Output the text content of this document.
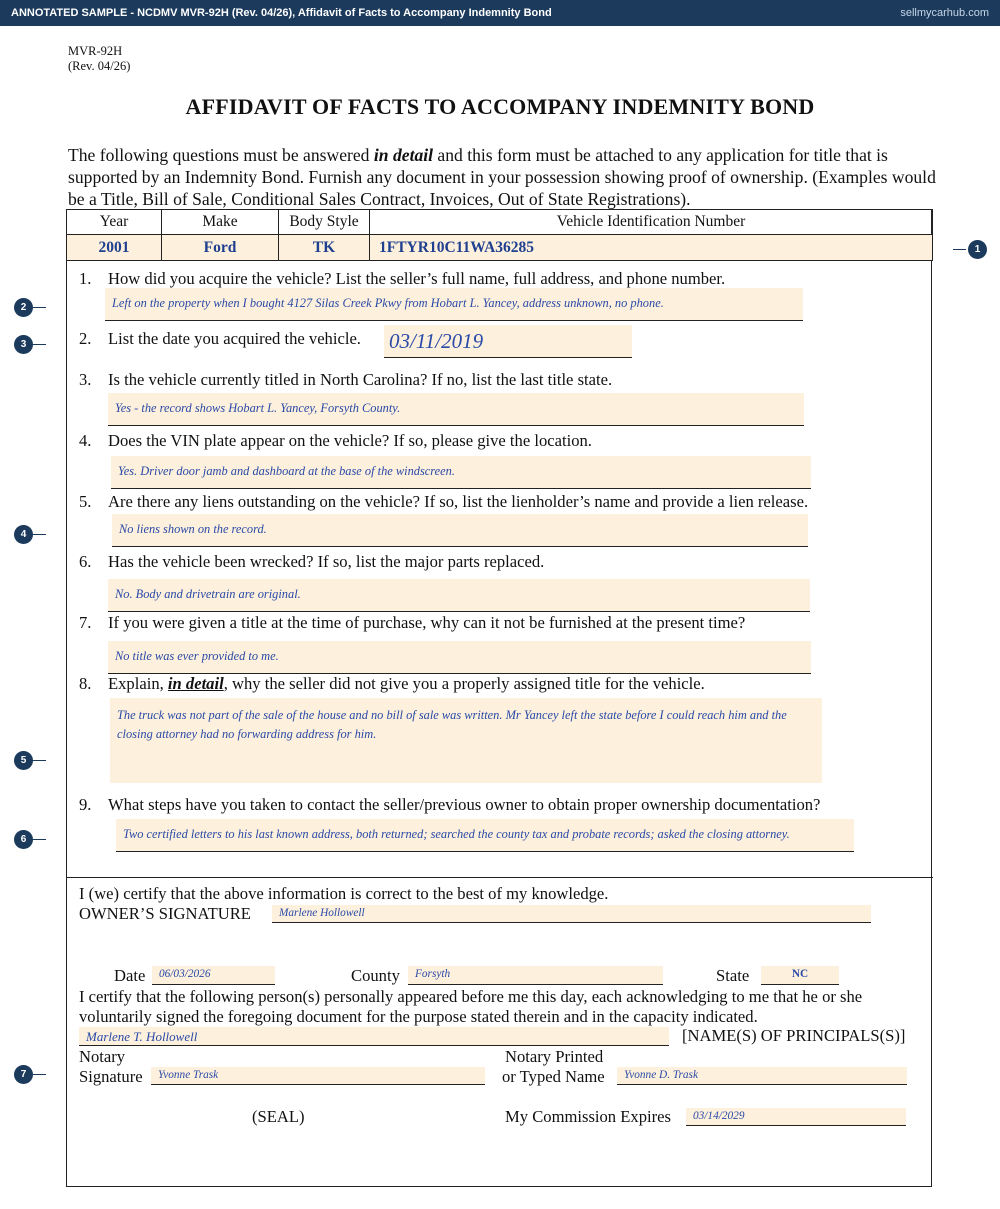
ANNOTATED SAMPLE - NCDMV MVR-92H (Rev. 04/26), Affidavit of Facts to Accompany Indemnity Bond	sellmycarhub.com
MVR-92H
(Rev. 04/26)
AFFIDAVIT OF FACTS TO ACCOMPANY INDEMNITY BOND
The following questions must be answered in detail and this form must be attached to any application for title that is supported by an Indemnity Bond. Furnish any document in your possession showing proof of ownership. (Examples would be a Title, Bill of Sale, Conditional Sales Contract, Invoices, Out of State Registrations).
Year	Make	Body Style	Vehicle Identification Number
2001	Ford	TK	1FTYR10C11WA36285
1. How did you acquire the vehicle? List the seller’s full name, full address, and phone number.
Left on the property when I bought 4127 Silas Creek Pkwy from Hobart L. Yancey, address unknown, no phone.
2. List the date you acquired the vehicle. 03/11/2019
3. Is the vehicle currently titled in North Carolina? If no, list the last title state.
Yes - the record shows Hobart L. Yancey, Forsyth County.
4. Does the VIN plate appear on the vehicle? If so, please give the location.
Yes. Driver door jamb and dashboard at the base of the windscreen.
5. Are there any liens outstanding on the vehicle? If so, list the lienholder’s name and provide a lien release.
No liens shown on the record.
6. Has the vehicle been wrecked? If so, list the major parts replaced.
No. Body and drivetrain are original.
7. If you were given a title at the time of purchase, why can it not be furnished at the present time?
No title was ever provided to me.
8. Explain, in detail, why the seller did not give you a properly assigned title for the vehicle.
The truck was not part of the sale of the house and no bill of sale was written. Mr Yancey left the state before I could reach him and the closing attorney had no forwarding address for him.
9. What steps have you taken to contact the seller/previous owner to obtain proper ownership documentation?
Two certified letters to his last known address, both returned; searched the county tax and probate records; asked the closing attorney.
I (we) certify that the above information is correct to the best of my knowledge.
OWNER’S SIGNATURE	Marlene Hollowell
Date	06/03/2026	County	Forsyth	State	NC
I certify that the following person(s) personally appeared before me this day, each acknowledging to me that he or she voluntarily signed the foregoing document for the purpose stated therein and in the capacity indicated.
Marlene T. Hollowell	[NAME(S) OF PRINCIPALS(S)]
Notary
Signature	Yvonne Trask
Notary Printed
or Typed Name	Yvonne D. Trask
(SEAL)	My Commission Expires	03/14/2029
1
2
3
4
5
6
7
